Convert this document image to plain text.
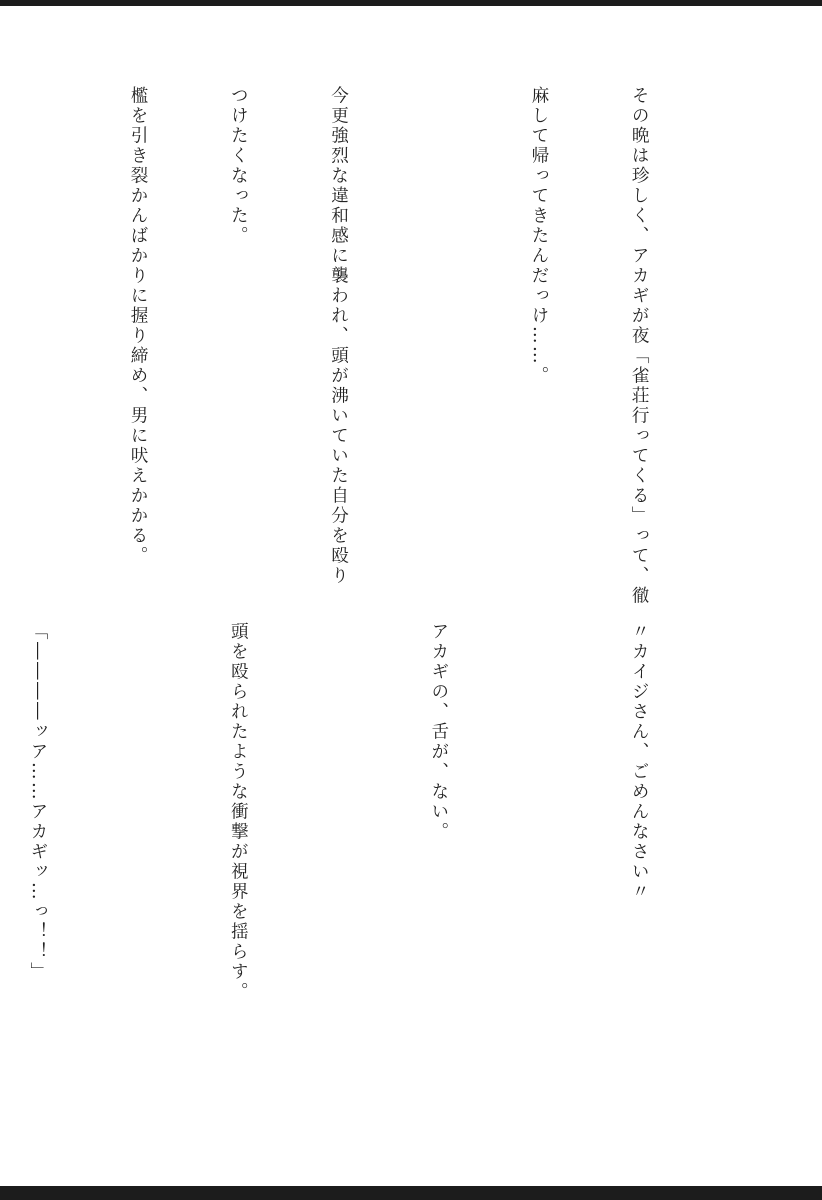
その晩は珍しく、アカギが夜「雀荘行ってくる」って、徹

麻して帰ってきたんだっけ……。

今更強烈な違和感に襲われ、頭が沸いていた自分を殴り

つけたくなった。

檻を引き裂かんばかりに握り締め、男に吠えかかる。

〃カイジさん、ごめんなさい〃

アカギの、舌が、ない。

頭を殴られたような衝撃が視界を揺らす。

「――――ッア……アカギッ…っ！！」
